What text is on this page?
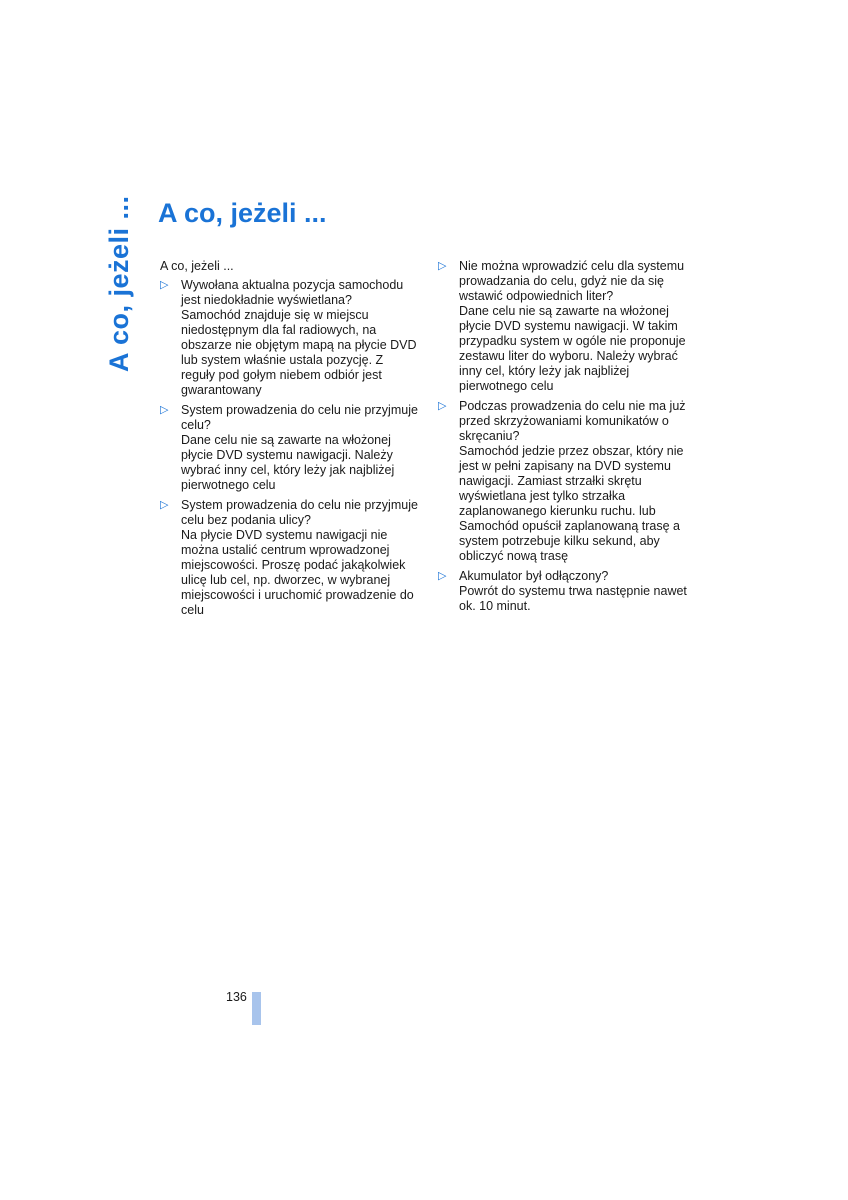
A co, jeżeli ... A co, jeżeli ...

A co, jeżeli ...

▷ Wywołana aktualna pozycja samochodu jest niedokładnie wyświetlana?
Samochód znajduje się w miejscu niedostępnym dla fal radiowych, na obszarze nie objętym mapą na płycie DVD lub system właśnie ustala pozycję. Z reguły pod gołym niebem odbiór jest gwarantowany
▷ System prowadzenia do celu nie przyjmuje celu?
Dane celu nie są zawarte na włożonej płycie DVD systemu nawigacji. Należy wybrać inny cel, który leży jak najbliżej pierwotnego celu
▷ System prowadzenia do celu nie przyjmuje celu bez podania ulicy?
Na płycie DVD systemu nawigacji nie można ustalić centrum wprowadzonej miejscowości. Proszę podać jakąkolwiek ulicę lub cel, np. dworzec, w wybranej miejscowości i uruchomić prowadzenie do celu
▷ Nie można wprowadzić celu dla systemu prowadzania do celu, gdyż nie da się wstawić odpowiednich liter?
Dane celu nie są zawarte na włożonej płycie DVD systemu nawigacji. W takim przypadku system w ogóle nie proponuje zestawu liter do wyboru. Należy wybrać inny cel, który leży jak najbliżej pierwotnego celu
▷ Podczas prowadzenia do celu nie ma już przed skrzyżowaniami komunikatów o skręcaniu?
Samochód jedzie przez obszar, który nie jest w pełni zapisany na DVD systemu nawigacji. Zamiast strzałki skrętu wyświetlana jest tylko strzałka zaplanowanego kierunku ruchu. lub Samochód opuścił zaplanowaną trasę a system potrzebuje kilku sekund, aby obliczyć nową trasę
▷ Akumulator był odłączony?
Powrót do systemu trwa następnie nawet ok. 10 minut.
136
